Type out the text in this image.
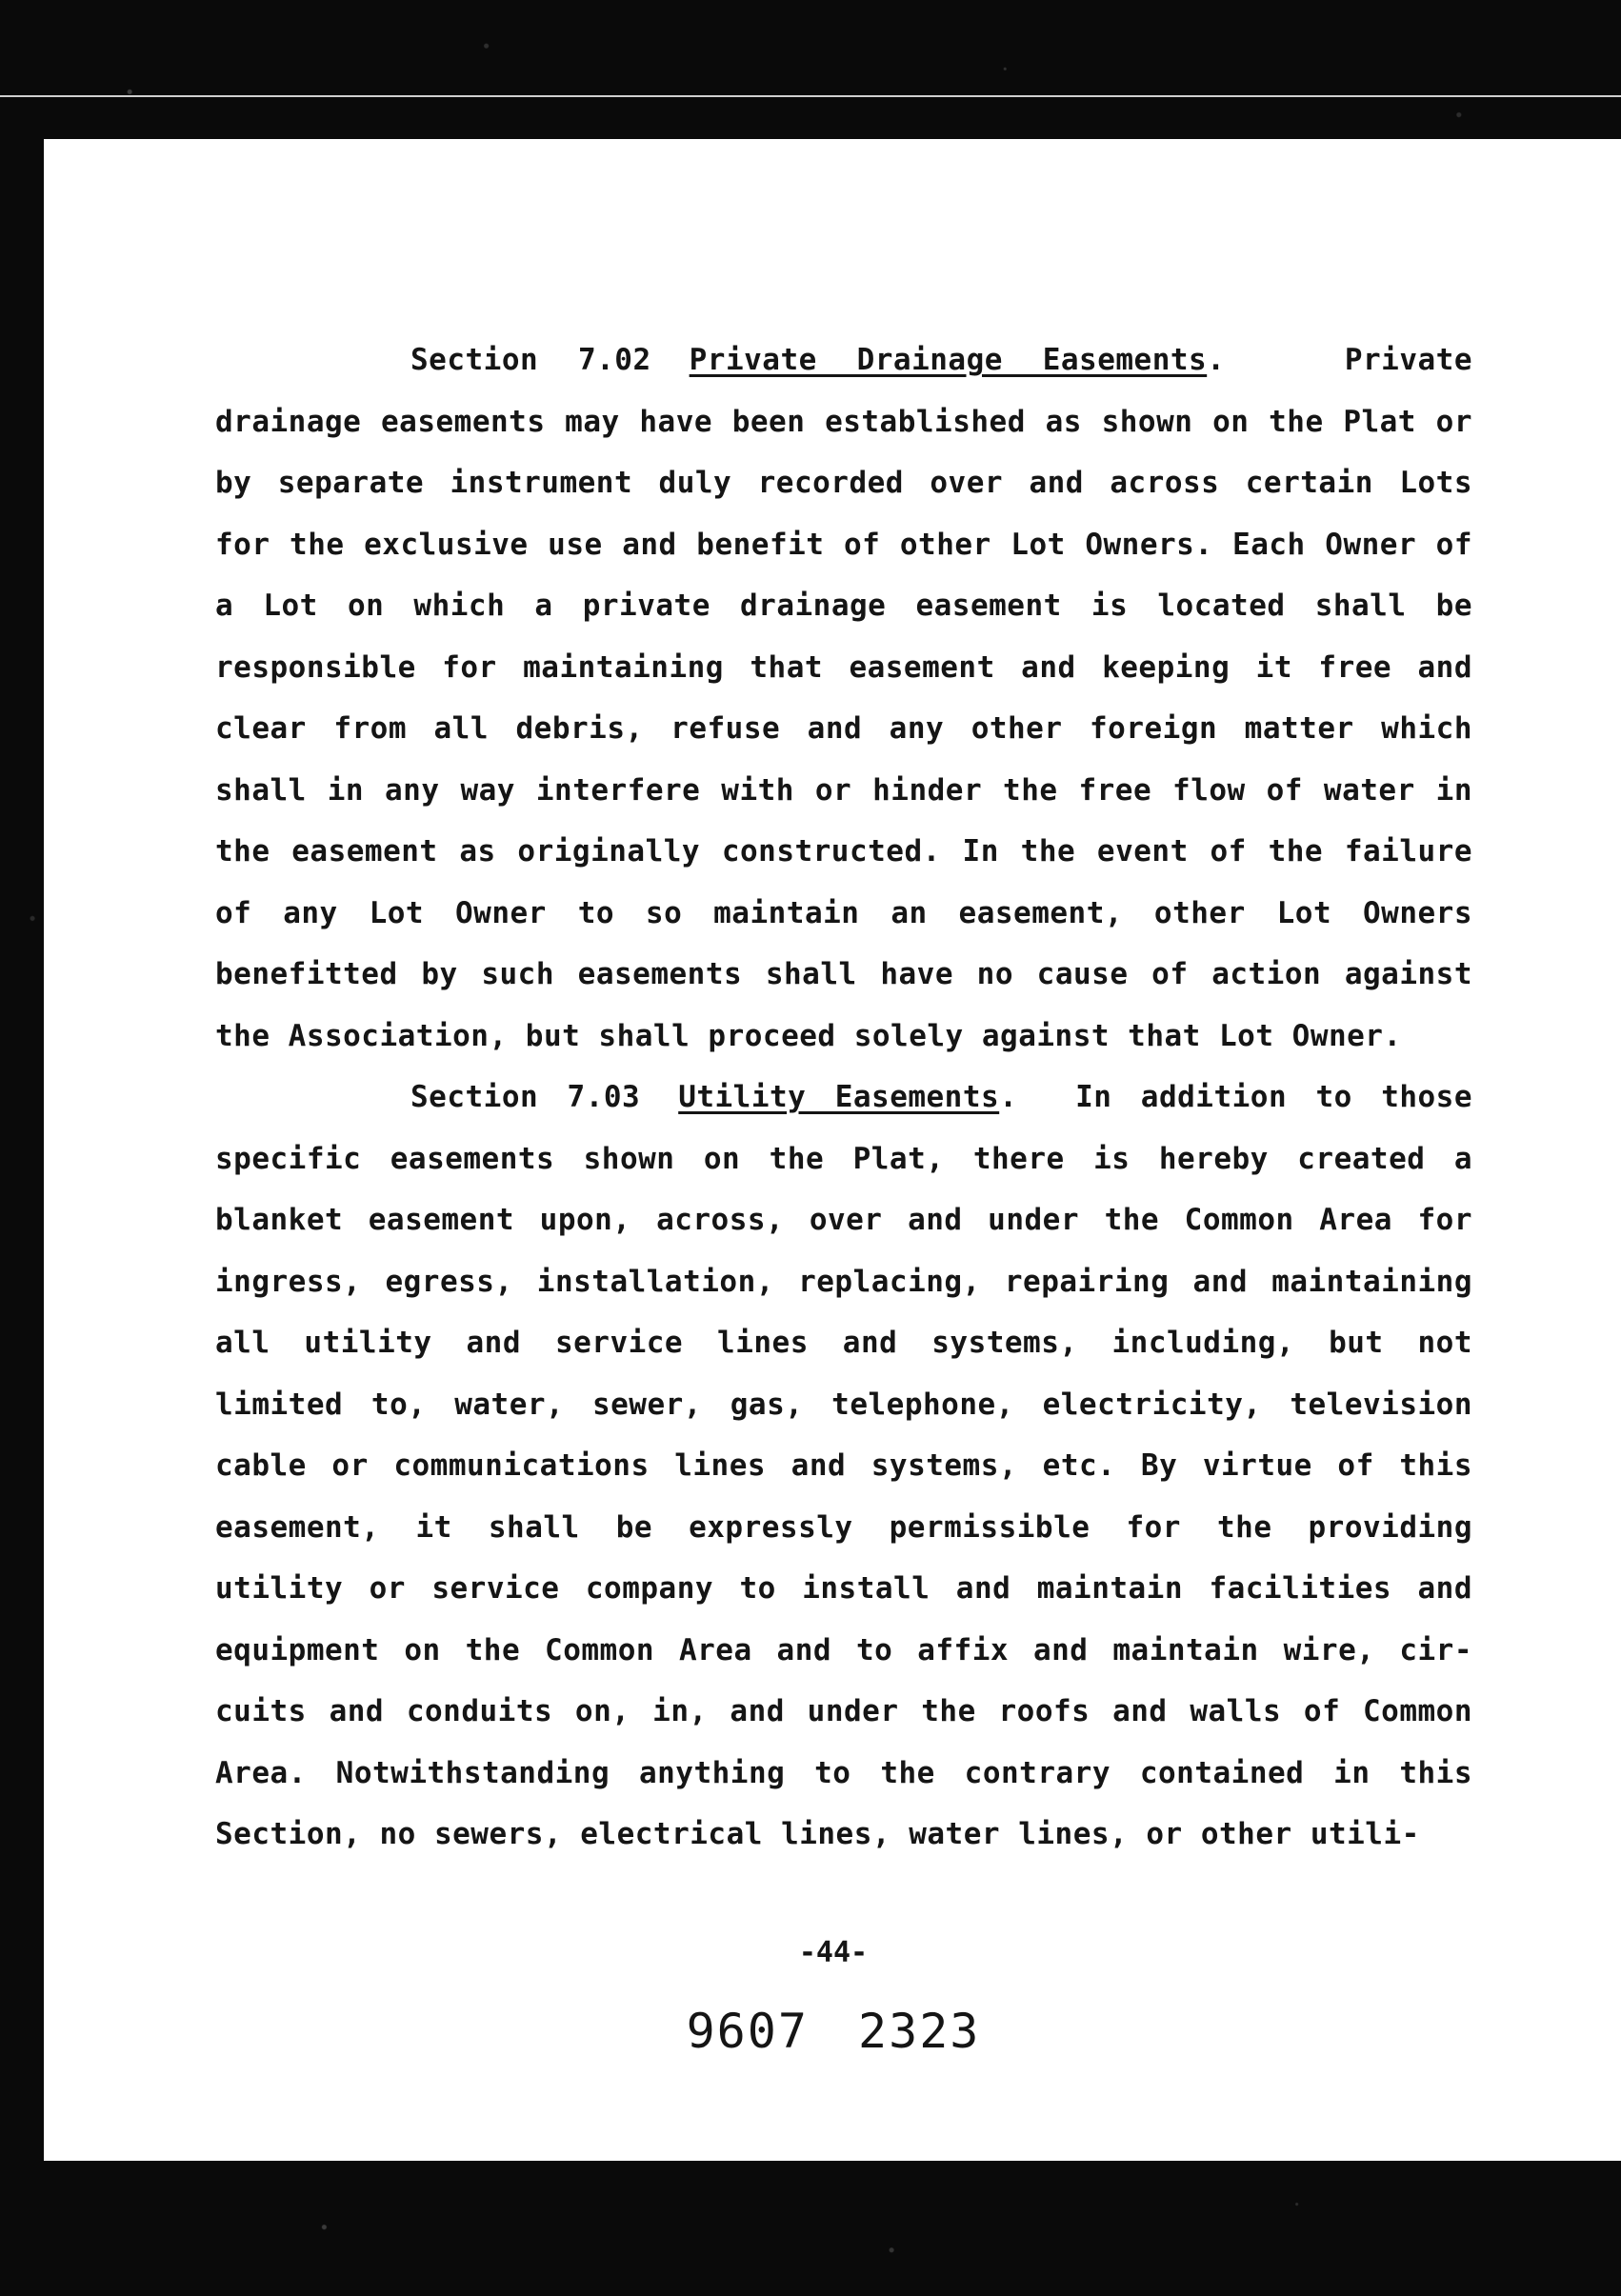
Section 7.02 Private Drainage Easements.   Private drainage easements may have been established as shown on the Plat or by separate instrument duly recorded over and across certain Lots for the exclusive use and benefit of other Lot Owners. Each Owner of a Lot on which a private drainage easement is located shall be responsible for maintaining that easement and keeping it free and clear from all debris, refuse and any other foreign matter which shall in any way interfere with or hinder the free flow of water in the easement as originally constructed. In the event of the failure of any Lot Owner to so maintain an easement, other Lot Owners benefitted by such easements shall have no cause of action against the Association, but shall proceed solely against that Lot Owner.

Section 7.03 Utility Easements.  In addition to those specific easements shown on the Plat, there is hereby created a blanket easement upon, across, over and under the Common Area for ingress, egress, installation, replacing, repairing and maintaining all utility and service lines and systems, including, but not limited to, water, sewer, gas, telephone, electricity, television cable or communications lines and systems, etc. By virtue of this easement, it shall be expressly permissible for the providing utility or service company to install and maintain facilities and equipment on the Common Area and to affix and maintain wire, cir- cuits and conduits on, in, and under the roofs and walls of Common Area. Notwithstanding anything to the contrary contained in this Section, no sewers, electrical lines, water lines, or other utili-

-44-
9607 2323
